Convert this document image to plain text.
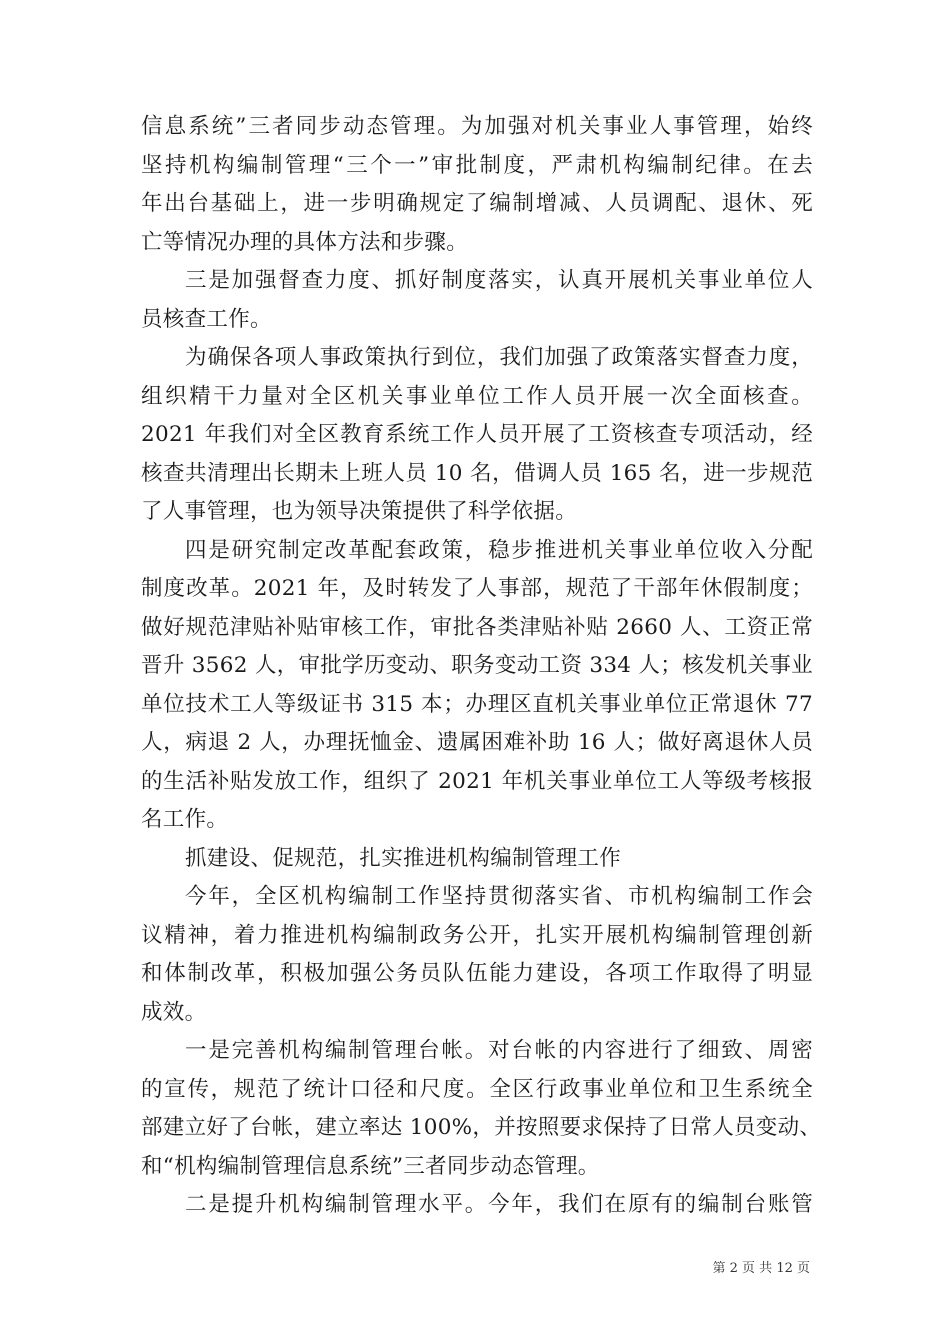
信息系统”三者同步动态管理。为加强对机关事业人事管理，始终
坚持机构编制管理“三个一”审批制度，严肃机构编制纪律。在去
年出台基础上，进一步明确规定了编制增减、人员调配、退休、死
亡等情况办理的具体方法和步骤。
三是加强督查力度、抓好制度落实，认真开展机关事业单位人
员核查工作。
为确保各项人事政策执行到位，我们加强了政策落实督查力度，
组织精干力量对全区机关事业单位工作人员开展一次全面核查。
2021 年我们对全区教育系统工作人员开展了工资核查专项活动，经
核查共清理出长期未上班人员 10 名，借调人员 165 名，进一步规范
了人事管理，也为领导决策提供了科学依据。
四是研究制定改革配套政策，稳步推进机关事业单位收入分配
制度改革。2021 年，及时转发了人事部，规范了干部年休假制度；
做好规范津贴补贴审核工作，审批各类津贴补贴 2660 人、工资正常
晋升 3562 人，审批学历变动、职务变动工资 334 人；核发机关事业
单位技术工人等级证书 315 本；办理区直机关事业单位正常退休 77
人，病退 2 人，办理抚恤金、遗属困难补助 16 人；做好离退休人员
的生活补贴发放工作，组织了 2021 年机关事业单位工人等级考核报
名工作。
抓建设、促规范，扎实推进机构编制管理工作
今年，全区机构编制工作坚持贯彻落实省、市机构编制工作会
议精神，着力推进机构编制政务公开，扎实开展机构编制管理创新
和体制改革，积极加强公务员队伍能力建设，各项工作取得了明显
成效。
一是完善机构编制管理台帐。对台帐的内容进行了细致、周密
的宣传，规范了统计口径和尺度。全区行政事业单位和卫生系统全
部建立好了台帐，建立率达 100%，并按照要求保持了日常人员变动、
和“机构编制管理信息系统”三者同步动态管理。
二是提升机构编制管理水平。今年，我们在原有的编制台账管
第 2 页 共 12 页
